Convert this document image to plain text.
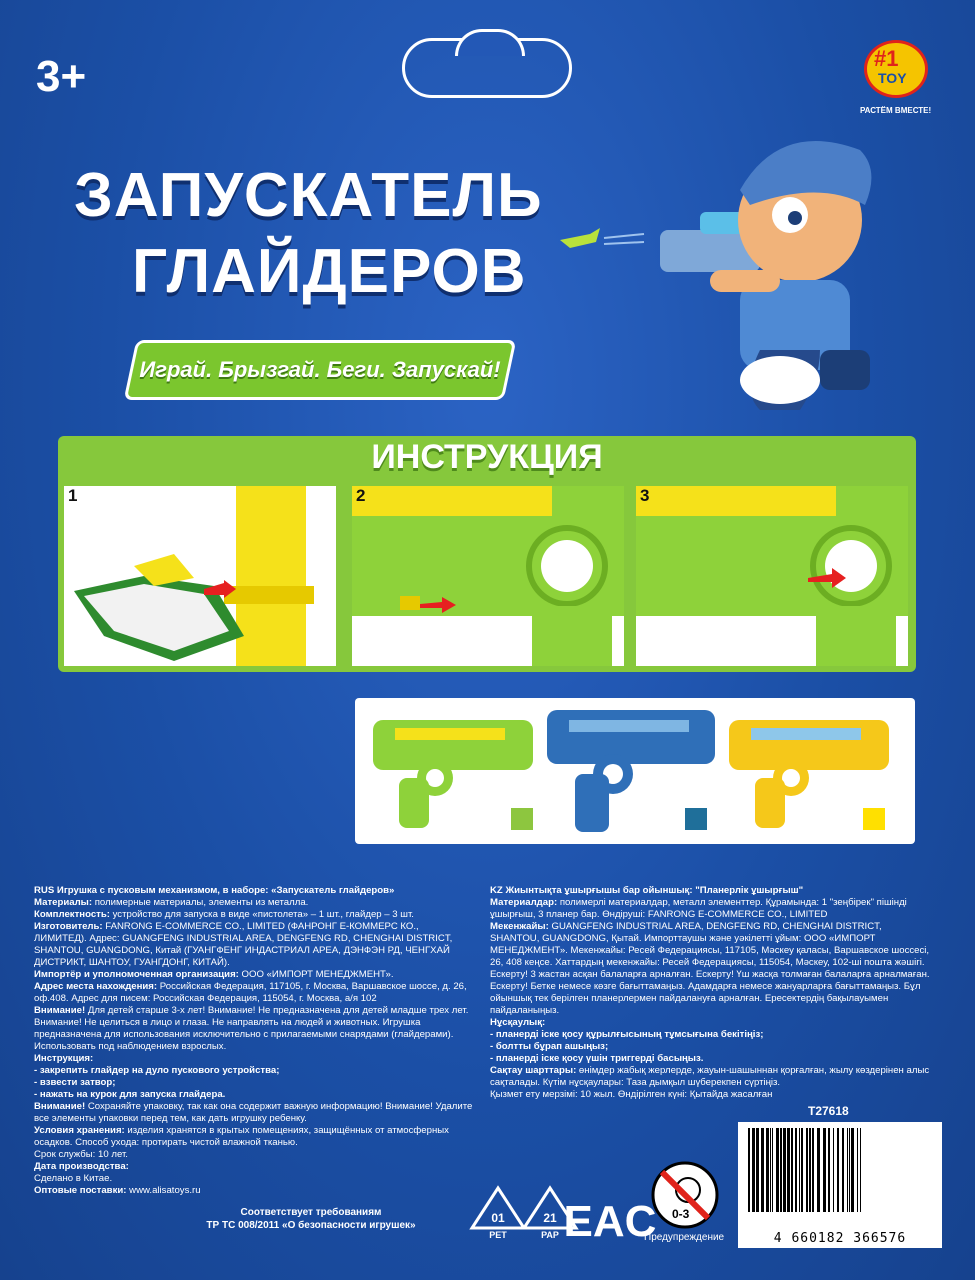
3+	#1
TOY
РАСТЁМ ВМЕСТЕ!
ЗАПУСКАТЕЛЬ
ГЛАЙДЕРОВ
Играй. Брызгай. Беги. Запускай!
ИНСТРУКЦИЯ
1	2	3

RUS Игрушка с пусковым механизмом, в наборе: «Запускатель глайдеров»

Материалы: полимерные материалы, элементы из металла.

Комплектность: устройство для запуска в виде «пистолета» – 1 шт., глайдер – 3 шт.

Изготовитель: FANRONG E-COMMERCE CO., LIMITED (ФАНРОНГ Е-КОММЕРС КО., ЛИМИТЕД). Адрес: GUANGFENG INDUSTRIAL AREA, DENGFENG RD, CHENGHAI DISTRICT, SHANTOU, GUANGDONG, Китай (ГУАНГФЕНГ ИНДАСТРИАЛ АРЕА, ДЭНФЭН РД, ЧЕНГХАЙ ДИСТРИКТ, ШАНТОУ, ГУАНГДОНГ, КИТАЙ).

Импортёр и уполномоченная организация: ООО «ИМПОРТ МЕНЕДЖМЕНТ».

Адрес места нахождения: Российская Федерация, 117105, г. Москва, Варшавское шоссе, д. 26, оф.408. Адрес для писем: Российская Федерация, 115054, г. Москва, а/я 102

Внимание! Для детей старше 3-х лет! Внимание! Не предназначена для детей младше трех лет. Внимание! Не целиться в лицо и глаза. Не направлять на людей и животных. Игрушка предназначена для использования исключительно с прилагаемыми снарядами (глайдерами). Использовать под наблюдением взрослых.

Инструкция:

- закрепить глайдер на дуло пускового устройства;

- взвести затвор;

- нажать на курок для запуска глайдера.

Внимание! Сохраняйте упаковку, так как она содержит важную информацию! Внимание! Удалите все элементы упаковки перед тем, как дать игрушку ребенку.

Условия хранения: изделия хранятся в крытых помещениях, защищённых от атмосферных осадков. Способ ухода: протирать чистой влажной тканью.

Срок службы: 10 лет.

Дата производства:

Сделано в Китае.

Оптовые поставки: www.alisatoys.ru

KZ Жиынтықта ұшырғышы бар ойыншық: "Планерлік ұшырғыш"

Материалдар: полимерлі материалдар, металл элементтер. Құрамында: 1 "зеңбірек" пішінді ұшырғыш, 3 планер бар. Өндіруші: FANRONG E-COMMERCE CO., LIMITED

Мекенжайы: GUANGFENG INDUSTRIAL AREA, DENGFENG RD, CHENGHAI DISTRICT, SHANTOU, GUANGDONG, Қытай. Импорттаушы және уәкілетті ұйым: ООО «ИМПОРТ МЕНЕДЖМЕНТ». Мекенжайы: Ресей Федерациясы, 117105, Мәскеу қаласы, Варшавское шоссесі, 26, 408 кеңсе. Хаттардың мекенжайы: Ресей Федерациясы, 115054, Мәскеу, 102-ші пошта жәшігі. Ескерту! 3 жастан асқан балаларға арналған. Ескерту! Үш жасқа толмаған балаларға арналмаған. Ескерту! Бетке немесе көзге бағыттамаңыз. Адамдарға немесе жануарларға бағыттамаңыз. Бұл ойыншық тек берілген планерлермен пайдалануға арналған. Ересектердің бақылауымен пайдаланыңыз.

Нұсқаулық:

- планерді іске қосу құрылғысының тұмсығына бекітіңіз;

- болтты бұрап ашыңыз;

- планерді іске қосу үшін триггерді басыңыз.

Сақтау шарттары: өнімдер жабық жерлерде, жауын-шашыннан қорғалған, жылу көздерінен алыс сақталады. Күтім нұсқаулары: Таза дымқыл шүберекпен сүртіңіз.

Қызмет ету мерзімі: 10 жыл. Өндірілген күні: Қытайда жасалған

Соответствует требованиям
ТР ТС 008/2011 «О безопасности игрушек»
01
PET
21
PAP EAC 0-3
Предупреждение
T27618
4 660182 366576
